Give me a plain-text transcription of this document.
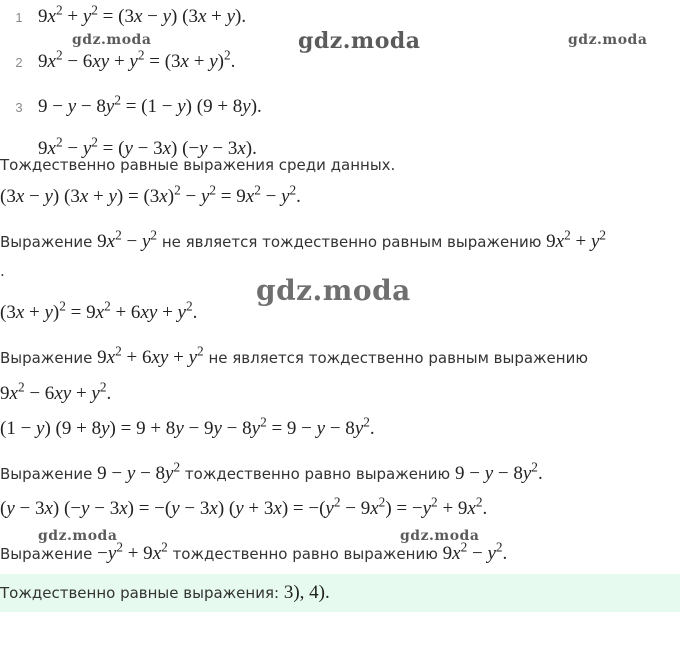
1 $9x^2 + y^2 = (3x - y) (3x + y)$.
2 $9x^2 - 6xy + y^2 = (3x + y)^2$.
3 $9 - y - 8y^2 = (1 - y) (9 + 8y)$.
$9x^2 - y^2 = (y - 3x) (-y - 3x)$.
Тождественно равные выражения среди данных.
(3x − y) $(3x + y) = (3x)^2 - y^2 = 9x^2 - y^2$.
Выражение $9x^2 - y^2$ не является тождественно равным выражению $9x^2 + y^2$
.
$(3x + y)^2 = 9x^2 + 6xy + y^2$.
Выражение $9x^2 + 6xy + y^2$ не является тождественно равным выражению
$9x^2 - 6xy + y^2$.
(1 − y) $(9 + 8y) = 9 + 8y - 9y - 8y^2 = 9 - y - 8y^2$.
Выражение $9 - y - 8y^2$ тождественно равно выражению $9 - y - 8y^2$.
(y − 3x) (−y − 3x) = −(y − 3x) $(y + 3x) = -(y^2 - 9x^2) = -y^2 + 9x^2$.
Выражение $-y^2 + 9x^2$ тождественно равно выражению $9x^2 - y^2$.
Тождественно равные выражения: 3), 4).
gdz.moda	gdz.moda	gdz.moda
gdz.moda
gdz.moda	gdz.moda
